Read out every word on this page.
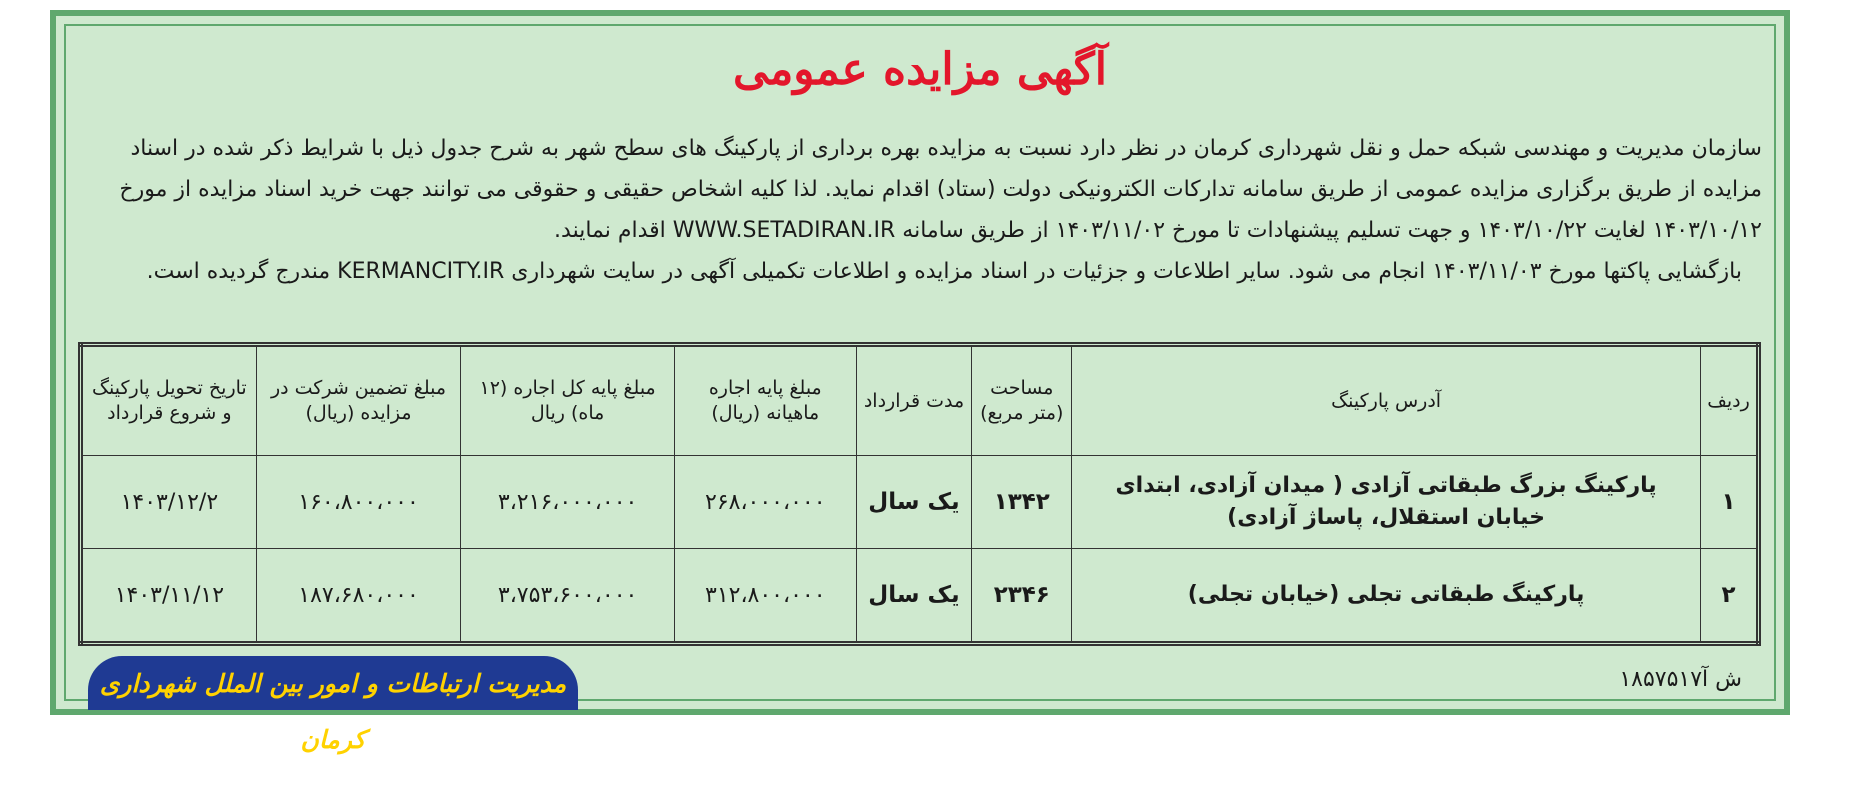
آگهی مزایده عمومی

سازمان مدیریت و مهندسی شبکه حمل و نقل شهرداری کرمان در نظر دارد نسبت به مزایده بهره برداری از پارکینگ های سطح شهر به شرح جدول ذیل با شرایط ذکر شده در اسناد

مزایده از طریق برگزاری مزایده عمومی از طریق سامانه تدارکات الکترونیکی دولت (ستاد) اقدام نماید. لذا کلیه اشخاص حقیقی و حقوقی می توانند جهت خرید اسناد مزایده از مورخ

۱۴۰۳/۱۰/۱۲ لغایت ۱۴۰۳/۱۰/۲۲ و جهت تسلیم پیشنهادات تا مورخ ۱۴۰۳/۱۱/۰۲ از طریق سامانه WWW.SETADIRAN.IR اقدام نمایند.

بازگشایی پاکتها مورخ ۱۴۰۳/۱۱/۰۳ انجام می شود. سایر اطلاعات و جزئیات در اسناد مزایده و اطلاعات تکمیلی آگهی در سایت شهرداری KERMANCITY.IR مندرج گردیده است.

ردیف	آدرس پارکینگ	مساحت (متر مربع)	مدت قرارداد	مبلغ پایه اجاره ماهیانه (ریال)	مبلغ پایه کل اجاره (۱۲ ماه) ریال	مبلغ تضمین شرکت در مزایده (ریال)	تاریخ تحویل پارکینگ و شروع قرارداد
۱	پارکینگ بزرگ طبقاتی آزادی ( میدان آزادی، ابتدای خیابان استقلال، پاساژ آزادی)	۱۳۴۲	یک سال	۲۶۸،۰۰۰،۰۰۰	۳،۲۱۶،۰۰۰،۰۰۰	۱۶۰،۸۰۰،۰۰۰	۱۴۰۳/۱۲/۲
۲	پارکینگ طبقاتی تجلی (خیابان تجلی)	۲۳۴۶	یک سال	۳۱۲،۸۰۰،۰۰۰	۳،۷۵۳،۶۰۰،۰۰۰	۱۸۷،۶۸۰،۰۰۰	۱۴۰۳/۱۱/۱۲
ش آ۱۸۵۷۵۱۷
مدیریت ارتباطات و امور بین الملل شهرداری کرمان
